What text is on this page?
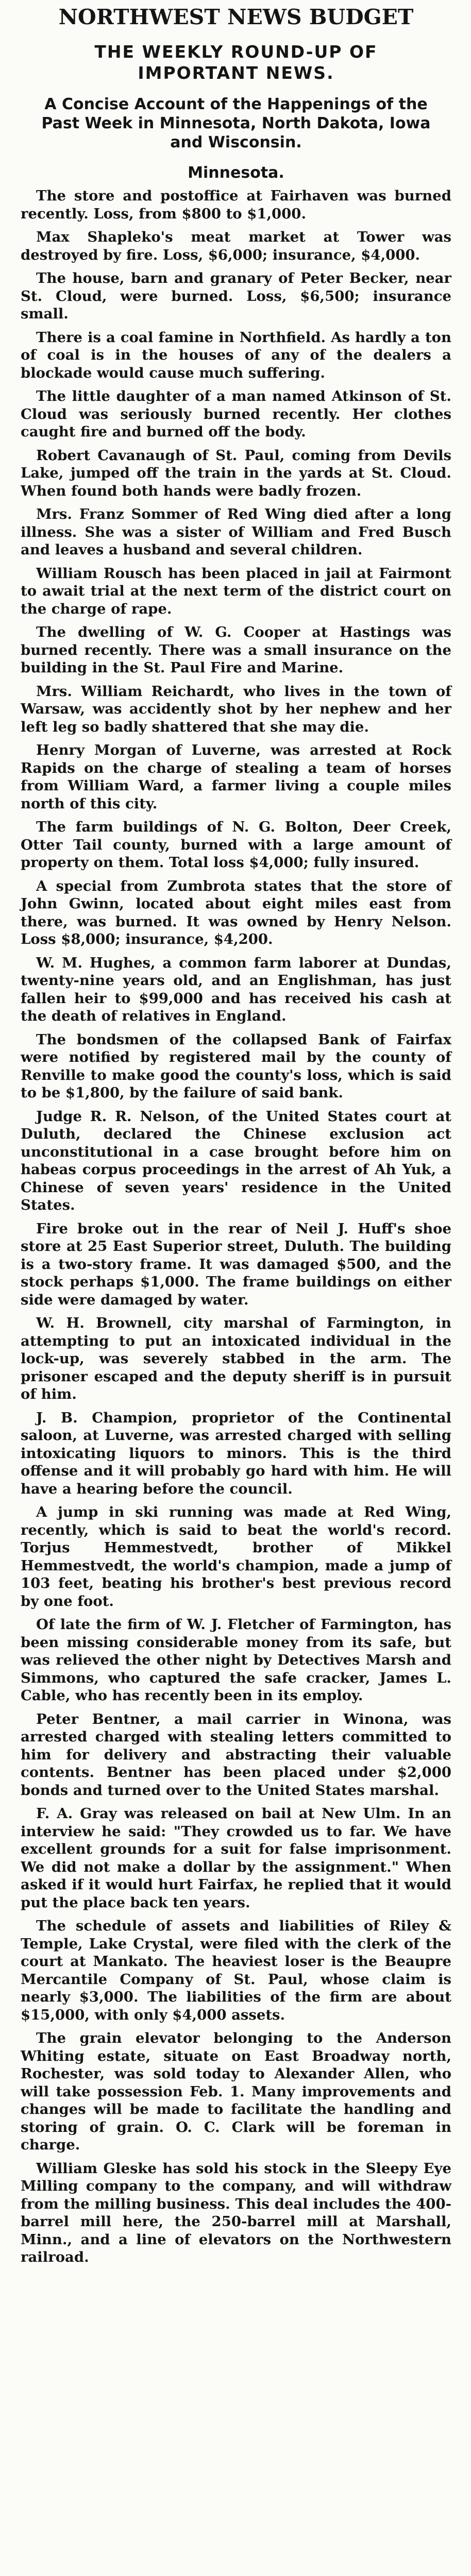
NORTHWEST NEWS BUDGET
THE WEEKLY ROUND-UP OF IMPORTANT NEWS.
A Concise Account of the Happenings of the Past Week in Minnesota, North Dakota, Iowa and Wisconsin.
Minnesota.

The store and postoffice at Fairhaven was burned recently. Loss, from $800 to $1,000.

Max Shapleko's meat market at Tower was destroyed by fire. Loss, $6,000; insurance, $4,000.

The house, barn and granary of Peter Becker, near St. Cloud, were burned. Loss, $6,500; insurance small.

There is a coal famine in Northfield. As hardly a ton of coal is in the houses of any of the dealers a blockade would cause much suffering.

The little daughter of a man named Atkinson of St. Cloud was seriously burned recently. Her clothes caught fire and burned off the body.

Robert Cavanaugh of St. Paul, coming from Devils Lake, jumped off the train in the yards at St. Cloud. When found both hands were badly frozen.

Mrs. Franz Sommer of Red Wing died after a long illness. She was a sister of William and Fred Busch and leaves a husband and several children.

William Rousch has been placed in jail at Fairmont to await trial at the next term of the district court on the charge of rape.

The dwelling of W. G. Cooper at Hastings was burned recently. There was a small insurance on the building in the St. Paul Fire and Marine.

Mrs. William Reichardt, who lives in the town of Warsaw, was accidently shot by her nephew and her left leg so badly shattered that she may die.

Henry Morgan of Luverne, was arrested at Rock Rapids on the charge of stealing a team of horses from William Ward, a farmer living a couple miles north of this city.

The farm buildings of N. G. Bolton, Deer Creek, Otter Tail county, burned with a large amount of property on them. Total loss $4,000; fully insured.

A special from Zumbrota states that the store of John Gwinn, located about eight miles east from there, was burned. It was owned by Henry Nelson. Loss $8,000; insurance, $4,200.

W. M. Hughes, a common farm laborer at Dundas, twenty-nine years old, and an Englishman, has just fallen heir to $99,000 and has received his cash at the death of relatives in England.

The bondsmen of the collapsed Bank of Fairfax were notified by registered mail by the county of Renville to make good the county's loss, which is said to be $1,800, by the failure of said bank.

Judge R. R. Nelson, of the United States court at Duluth, declared the Chinese exclusion act unconstitutional in a case brought before him on habeas corpus proceedings in the arrest of Ah Yuk, a Chinese of seven years' residence in the United States.

Fire broke out in the rear of Neil J. Huff's shoe store at 25 East Superior street, Duluth. The building is a two-story frame. It was damaged $500, and the stock perhaps $1,000. The frame buildings on either side were damaged by water.

W. H. Brownell, city marshal of Farmington, in attempting to put an intoxicated individual in the lock-up, was severely stabbed in the arm. The prisoner escaped and the deputy sheriff is in pursuit of him.

J. B. Champion, proprietor of the Continental saloon, at Luverne, was arrested charged with selling intoxicating liquors to minors. This is the third offense and it will probably go hard with him. He will have a hearing before the council.

A jump in ski running was made at Red Wing, recently, which is said to beat the world's record. Torjus Hemmestvedt, brother of Mikkel Hemmestvedt, the world's champion, made a jump of 103 feet, beating his brother's best previous record by one foot.

Of late the firm of W. J. Fletcher of Farmington, has been missing considerable money from its safe, but was relieved the other night by Detectives Marsh and Simmons, who captured the safe cracker, James L. Cable, who has recently been in its employ.

Peter Bentner, a mail carrier in Winona, was arrested charged with stealing letters committed to him for delivery and abstracting their valuable contents. Bentner has been placed under $2,000 bonds and turned over to the United States marshal.

F. A. Gray was released on bail at New Ulm. In an interview he said: "They crowded us to far. We have excellent grounds for a suit for false imprisonment. We did not make a dollar by the assignment." When asked if it would hurt Fairfax, he replied that it would put the place back ten years.

The schedule of assets and liabilities of Riley & Temple, Lake Crystal, were filed with the clerk of the court at Mankato. The heaviest loser is the Beaupre Mercantile Company of St. Paul, whose claim is nearly $3,000. The liabilities of the firm are about $15,000, with only $4,000 assets.

The grain elevator belonging to the Anderson Whiting estate, situate on East Broadway north, Rochester, was sold today to Alexander Allen, who will take possession Feb. 1. Many improvements and changes will be made to facilitate the handling and storing of grain. O. C. Clark will be foreman in charge.

William Gleske has sold his stock in the Sleepy Eye Milling company to the company, and will withdraw from the milling business. This deal includes the 400-barrel mill here, the 250-barrel mill at Marshall, Minn., and a line of elevators on the Northwestern railroad.
